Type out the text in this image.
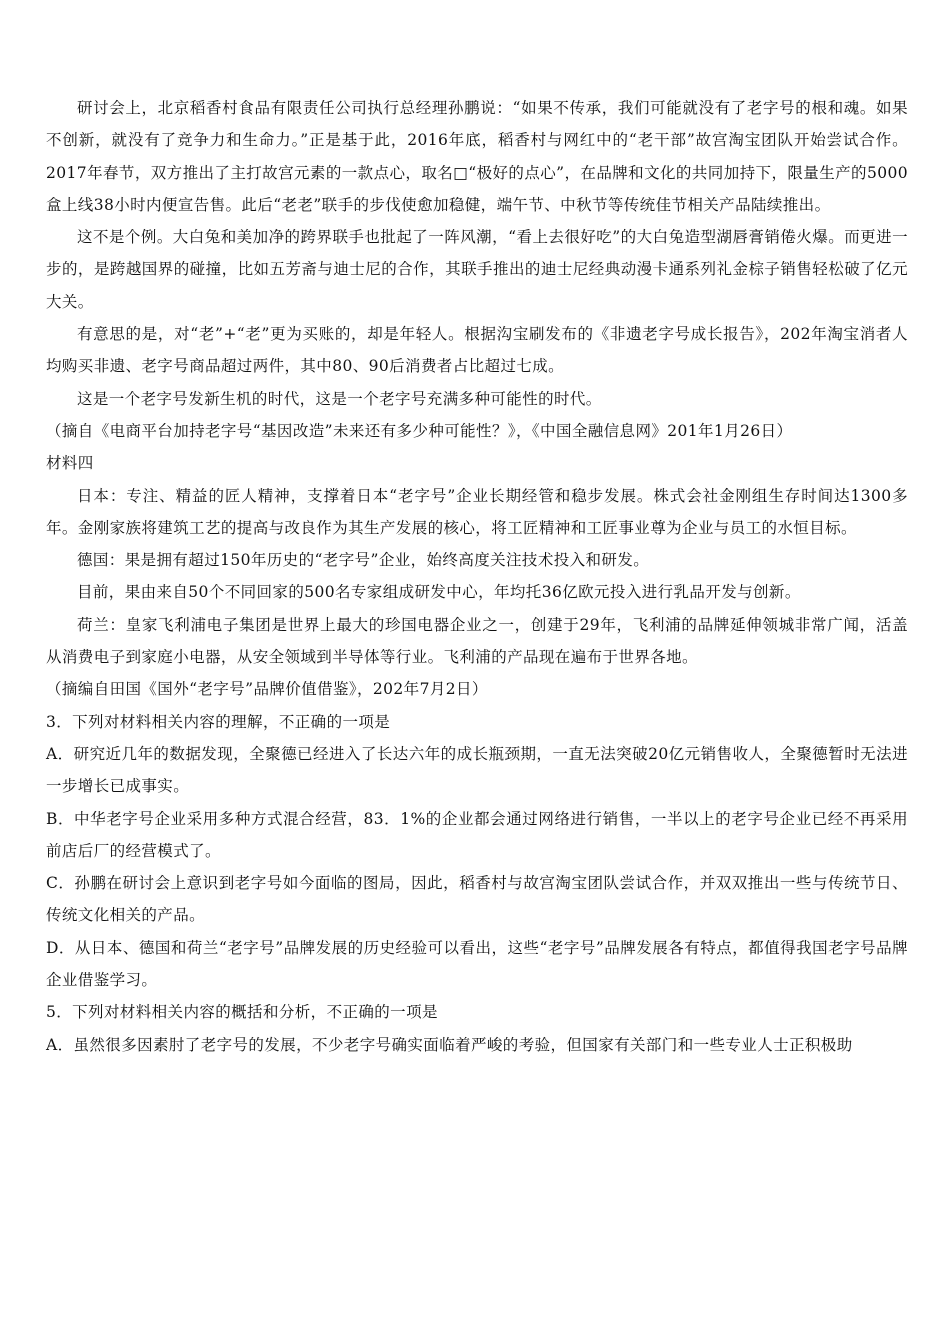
研讨会上，北京稻香村食品有限责任公司执行总经理孙鹏说：“如果不传承，我们可能就没有了老字号的根和魂。如果不创新，就没有了竞争力和生命力。”正是基于此，2016年底，稻香村与网红中的“老干部”故宫淘宝团队开始尝试合作。2017年春节，双方推出了主打故宫元素的一款点心，取名□“极好的点心”，在品牌和文化的共同加持下，限量生产的5000盒上线38小时内便宣告售。此后“老老”联手的步伐使愈加稳健，端午节、中秋节等传统佳节相关产品陆续推出。

这不是个例。大白兔和美加净的跨界联手也批起了一阵风潮，“看上去很好吃”的大白兔造型湖唇膏销倦火爆。而更进一步的，是跨越国界的碰撞，比如五芳斋与迪士尼的合作，其联手推出的迪士尼经典动漫卡通系列礼金棕子销售轻松破了亿元大关。

有意思的是，对“老”+“老”更为买账的，却是年轻人。根据沟宝刷发布的《非遗老字号成长报告》，202年淘宝消者人均购买非遗、老字号商品超过两件，其中80、90后消费者占比超过七成。

这是一个老字号发新生机的时代，这是一个老字号充满多种可能性的时代。

（摘自《电商平台加持老字号“基因改造”未来还有多少种可能性？》，《中国全融信息网》201年1月26日）

材料四

日本：专注、精益的匠人精神，支撑着日本“老字号”企业长期经管和稳步发展。株式会社金刚组生存时间达1300多年。金刚家族将建筑工艺的提高与改良作为其生产发展的核心，将工匠精神和工匠事业尊为企业与员工的水恒目标。

德国：果是拥有超过150年历史的“老字号”企业，始终高度关注技术投入和研发。

目前，果由来自50个不同回家的500名专家组成研发中心，年均托36亿欧元投入进行乳品开发与创新。

荷兰：皇家飞利浦电子集团是世界上最大的珍国电器企业之一，创建于29年，飞利浦的品牌延伸领城非常广闻，活盖从消费电子到家庭小电器，从安全领域到半导体等行业。飞利浦的产品现在遍布于世界各地。

（摘编自田国《国外“老字号”品牌价值借鉴》，202年7月2日）

3．下列对材料相关内容的理解，不正确的一项是

A．研究近几年的数据发现，全聚德已经进入了长达六年的成长瓶颈期，一直无法突破20亿元销售收人，全聚德暂时无法进一步增长已成事实。

B．中华老字号企业采用多种方式混合经营，83．1%的企业都会通过网络进行销售，一半以上的老字号企业已经不再采用前店后厂的经营模式了。

C．孙鹏在研讨会上意识到老字号如今面临的图局，因此，稻香村与故宫淘宝团队尝试合作，并双双推出一些与传统节日、传统文化相关的产品。

D．从日本、德国和荷兰“老字号”品牌发展的历史经验可以看出，这些“老字号”品牌发展各有特点，都值得我国老字号品牌企业借鉴学习。

5．下列对材料相关内容的概括和分析，不正确的一项是

A．虽然很多因素肘了老字号的发展，不少老字号确实面临着严峻的考验，但国家有关部门和一些专业人士正积极助
